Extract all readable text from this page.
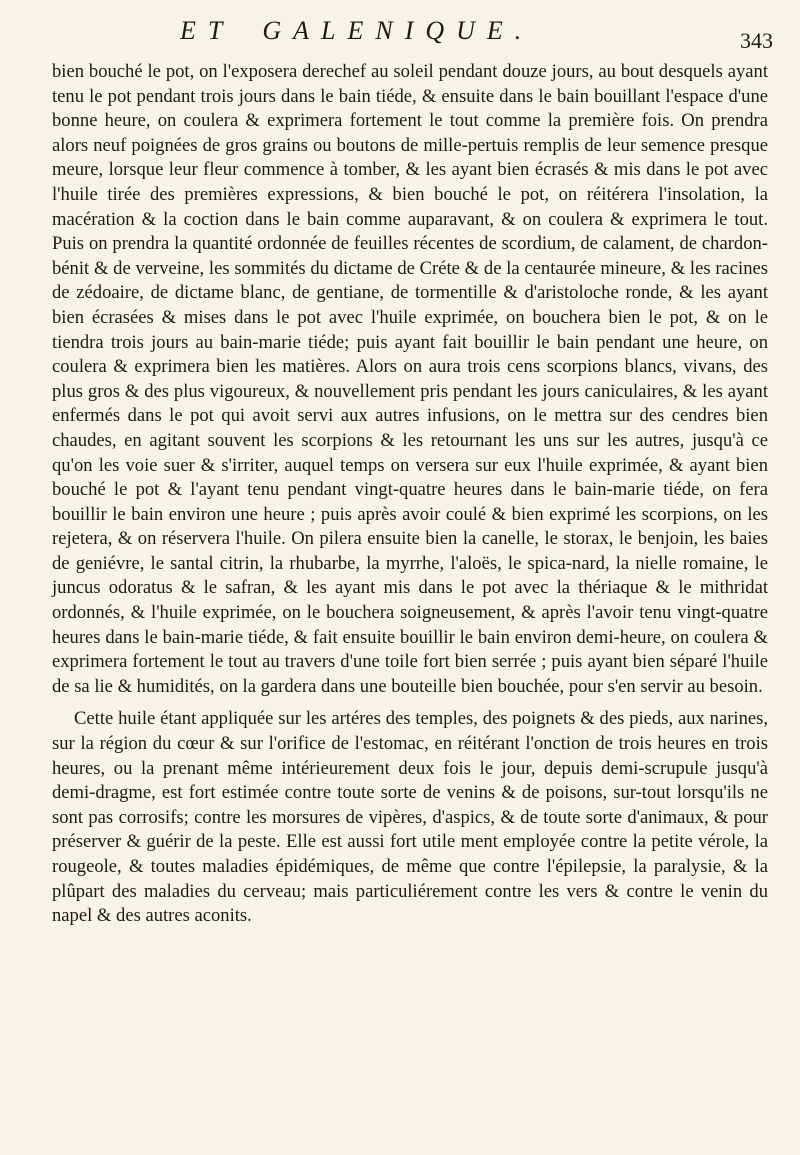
ET GALENIQUE.	343

bien bouché le pot, on l'exposera derechef au soleil pendant douze jours, au bout desquels ayant tenu le pot pendant trois jours dans le bain tiéde, & ensuite dans le bain bouillant l'espace d'une bonne heure, on coulera & exprimera fortement le tout comme la première fois. On prendra alors neuf poignées de gros grains ou boutons de mille-pertuis remplis de leur semence presque meure, lorsque leur fleur commence à tomber, & les ayant bien écrasés & mis dans le pot avec l'huile tirée des premières expressions, & bien bouché le pot, on réitérera l'insolation, la macération & la coction dans le bain comme auparavant, & on coulera & exprimera le tout. Puis on prendra la quantité ordonnée de feuilles récentes de scordium, de calament, de chardon-bénit & de verveine, les sommités du dictame de Créte & de la centaurée mineure, & les racines de zédoaire, de dictame blanc, de gentiane, de tormentille & d'aristoloche ronde, & les ayant bien écrasées & mises dans le pot avec l'huile exprimée, on bouchera bien le pot, & on le tiendra trois jours au bain-marie tiéde; puis ayant fait bouillir le bain pendant une heure, on coulera & exprimera bien les matières. Alors on aura trois cens scorpions blancs, vivans, des plus gros & des plus vigoureux, & nouvellement pris pendant les jours caniculaires, & les ayant enfermés dans le pot qui avoit servi aux autres infusions, on le mettra sur des cendres bien chaudes, en agitant souvent les scorpions & les retournant les uns sur les autres, jusqu'à ce qu'on les voie suer & s'irriter, auquel temps on versera sur eux l'huile exprimée, & ayant bien bouché le pot & l'ayant tenu pendant vingt-quatre heures dans le bain-marie tiéde, on fera bouillir le bain environ une heure ; puis après avoir coulé & bien exprimé les scorpions, on les rejetera, & on réservera l'huile. On pilera ensuite bien la canelle, le storax, le benjoin, les baies de geniévre, le santal citrin, la rhubarbe, la myrrhe, l'aloës, le spica-nard, la nielle romaine, le juncus odoratus & le safran, & les ayant mis dans le pot avec la thériaque & le mithridat ordonnés, & l'huile exprimée, on le bouchera soigneusement, & après l'avoir tenu vingt-quatre heures dans le bain-marie tiéde, & fait ensuite bouillir le bain environ demi-heure, on coulera & exprimera fortement le tout au travers d'une toile fort bien serrée ; puis ayant bien séparé l'huile de sa lie & humidités, on la gardera dans une bouteille bien bouchée, pour s'en servir au besoin.

Cette huile étant appliquée sur les artéres des temples, des poignets & des pieds, aux narines, sur la région du cœur & sur l'orifice de l'estomac, en réitérant l'onction de trois heures en trois heures, ou la prenant même intérieurement deux fois le jour, depuis demi-scrupule jusqu'à demi-dragme, est fort estimée contre toute sorte de venins & de poisons, sur-tout lorsqu'ils ne sont pas corrosifs; contre les morsures de vipères, d'aspics, & de toute sorte d'animaux, & pour préserver & guérir de la peste. Elle est aussi fort utile ment employée contre la petite vérole, la rougeole, & toutes maladies épidémiques, de même que contre l'épilepsie, la paralysie, & la plûpart des maladies du cerveau; mais particuliérement contre les vers & contre le venin du napel & des autres aconits.
